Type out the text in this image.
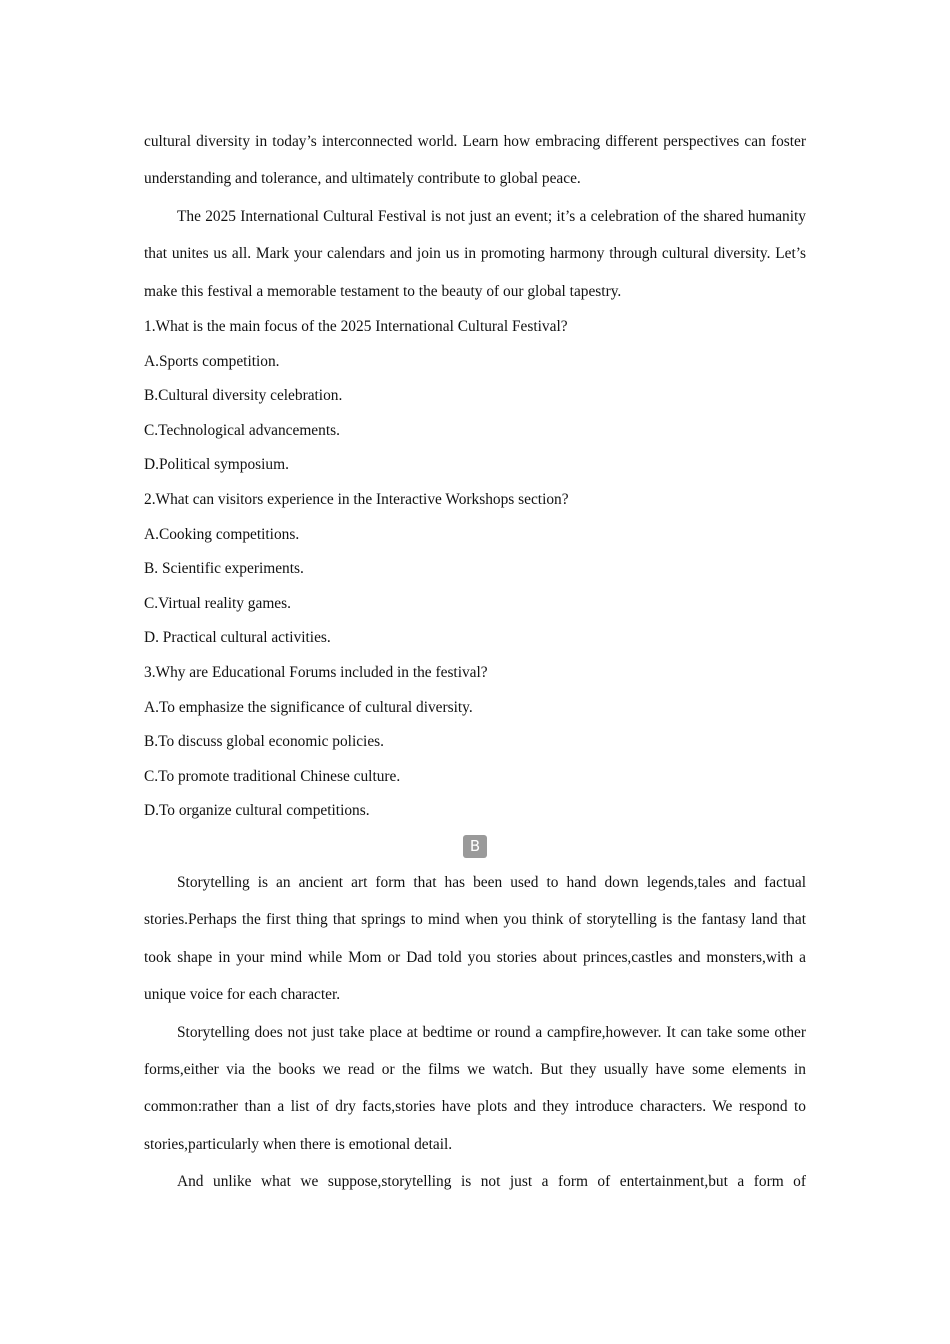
cultural diversity in today’s interconnected world. Learn how embracing different perspectives can foster understanding and tolerance, and ultimately contribute to global peace.

The 2025 International Cultural Festival is not just an event; it’s a celebration of the shared humanity that unites us all. Mark your calendars and join us in promoting harmony through cultural diversity. Let’s make this festival a memorable testament to the beauty of our global tapestry.

1.What is the main focus of the 2025 International Cultural Festival?

A.Sports competition.

B.Cultural diversity celebration.

C.Technological advancements.

D.Political symposium.

2.What can visitors experience in the Interactive Workshops section?

A.Cooking competitions.

B. Scientific experiments.

C.Virtual reality games.

D. Practical cultural activities.

3.Why are Educational Forums included in the festival?

A.To emphasize the significance of cultural diversity.

B.To discuss global economic policies.

C.To promote traditional Chinese culture.

D.To organize cultural competitions.

B

Storytelling is an ancient art form that has been used to hand down legends,tales and factual stories.Perhaps the first thing that springs to mind when you think of storytelling is the fantasy land that took shape in your mind while Mom or Dad told you stories about princes,castles and monsters,with a unique voice for each character.

Storytelling does not just take place at bedtime or round a campfire,however. It can take some other forms,either via the books we read or the films we watch. But they usually have some elements in common:rather than a list of dry facts,stories have plots and they introduce characters. We respond to stories,particularly when there is emotional detail.

And unlike what we suppose,storytelling is not just a form of entertainment,but a form of
